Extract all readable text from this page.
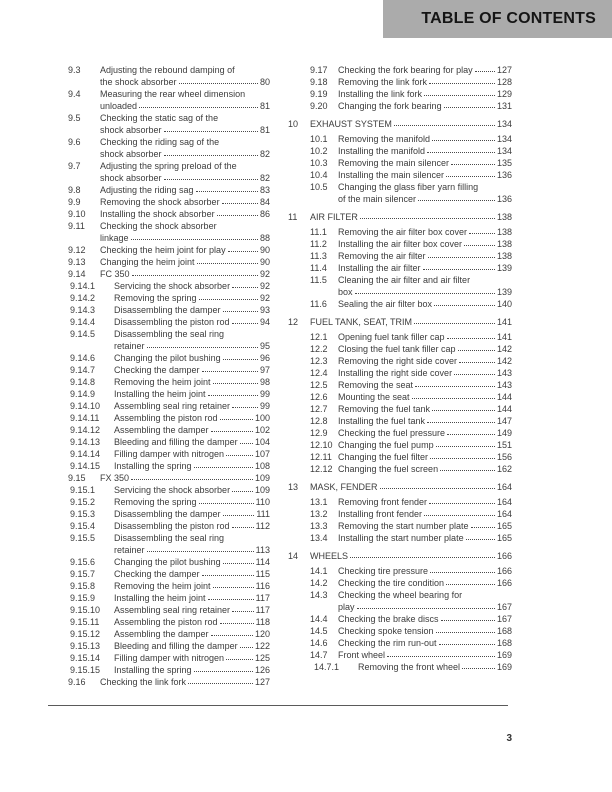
TABLE OF CONTENTS
9.3	Adjusting the rebound damping of
the shock absorber	80
9.4	Measuring the rear wheel dimension
unloaded	81
9.5	Checking the static sag of the
shock absorber	81
9.6	Checking the riding sag of the
shock absorber	82
9.7	Adjusting the spring preload of the
shock absorber	82
9.8	Adjusting the riding sag	83
9.9	Removing the shock absorber	84
9.10	Installing the shock absorber	86
9.11	Checking the shock absorber
linkage	88
9.12	Checking the heim joint for play	90
9.13	Changing the heim joint	90
9.14	FC 350	92
9.14.1	Servicing the shock absorber	92
9.14.2	Removing the spring	92
9.14.3	Disassembling the damper	93
9.14.4	Disassembling the piston rod	94
9.14.5	Disassembling the seal ring
retainer	95
9.14.6	Changing the pilot bushing	96
9.14.7	Checking the damper	97
9.14.8	Removing the heim joint	98
9.14.9	Installing the heim joint	99
9.14.10	Assembling seal ring retainer	99
9.14.11	Assembling the piston rod	100
9.14.12	Assembling the damper	102
9.14.13	Bleeding and filling the damper 104
9.14.14	Filling damper with nitrogen	107
9.14.15	Installing the spring	108
9.15	FX 350	109
9.15.1	Servicing the shock absorber	109
9.15.2	Removing the spring	110
9.15.3	Disassembling the damper	111
9.15.4	Disassembling the piston rod	112
9.15.5	Disassembling the seal ring
retainer	113
9.15.6	Changing the pilot bushing	114
9.15.7	Checking the damper	115
9.15.8	Removing the heim joint	116
9.15.9	Installing the heim joint	117
9.15.10	Assembling seal ring retainer	117
9.15.11	Assembling the piston rod	118
9.15.12	Assembling the damper	120
9.15.13	Bleeding and filling the damper 122
9.15.14	Filling damper with nitrogen	125
9.15.15	Installing the spring	126
9.16	Checking the link fork	127
9.17	Checking the fork bearing for play	127
9.18	Removing the link fork	128
9.19	Installing the link fork	129
9.20	Changing the fork bearing	131
10	EXHAUST SYSTEM	134
10.1	Removing the manifold	134
10.2	Installing the manifold	134
10.3	Removing the main silencer	135
10.4	Installing the main silencer	136
10.5	Changing the glass fiber yarn filling
of the main silencer	136
11	AIR FILTER	138
11.1	Removing the air filter box cover	138
11.2	Installing the air filter box cover	138
11.3	Removing the air filter	138
11.4	Installing the air filter	139
11.5	Cleaning the air filter and air filter
box	139
11.6	Sealing the air filter box	140
12	FUEL TANK, SEAT, TRIM	141
12.1	Opening fuel tank filler cap	141
12.2	Closing the fuel tank filler cap	142
12.3	Removing the right side cover	142
12.4	Installing the right side cover	143
12.5	Removing the seat	143
12.6	Mounting the seat	144
12.7	Removing the fuel tank	144
12.8	Installing the fuel tank	147
12.9	Checking the fuel pressure	149
12.10 Changing the fuel pump	151
12.11 Changing the fuel filter	156
12.12 Changing the fuel screen	162
13	MASK, FENDER	164
13.1	Removing front fender	164
13.2	Installing front fender	164
13.3	Removing the start number plate	165
13.4	Installing the start number plate	165
14	WHEELS	166
14.1	Checking tire pressure	166
14.2	Checking the tire condition	166
14.3	Checking the wheel bearing for
play	167
14.4	Checking the brake discs	167
14.5	Checking spoke tension	168
14.6	Checking the rim run-out	168
14.7	Front wheel	169
14.7.1	Removing the front wheel	169
3
